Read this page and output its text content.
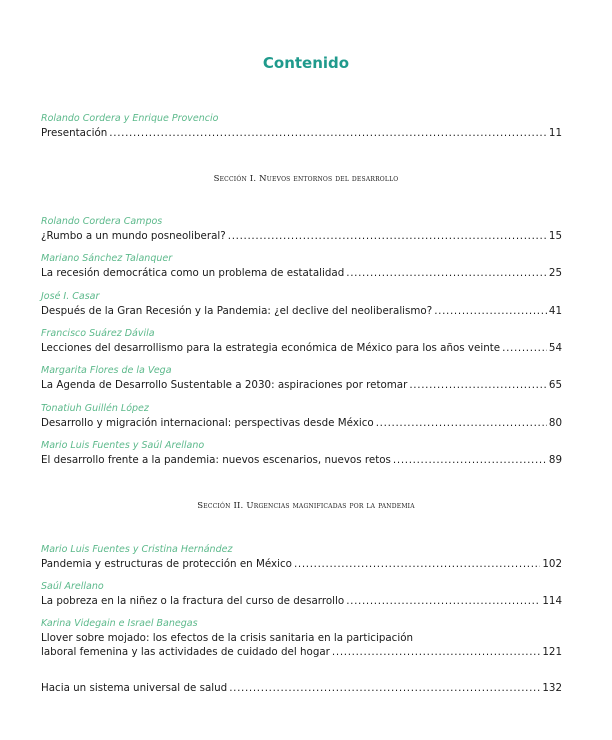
Contenido
Rolando Cordera y Enrique Provencio
Presentación . . .	11
Sección I. Nuevos entornos del desarrollo
Rolando Cordera Campos
¿Rumbo a un mundo posneoliberal? . . .	15
Mariano Sánchez Talanquer
La recesión democrática como un problema de estatalidad . . .	25
José I. Casar
Después de la Gran Recesión y la Pandemia: ¿el declive del neoliberalismo? . . .	41
Francisco Suárez Dávila
Lecciones del desarrollismo para la estrategia económica de México para los años veinte . . .	54
Margarita Flores de la Vega
La Agenda de Desarrollo Sustentable a 2030: aspiraciones por retomar . . .	65
Tonatiuh Guillén López
Desarrollo y migración internacional: perspectivas desde México . . .	80
Mario Luis Fuentes y Saúl Arellano
El desarrollo frente a la pandemia: nuevos escenarios, nuevos retos . . .	89
Sección II. Urgencias magnificadas por la pandemia
Mario Luis Fuentes y Cristina Hernández
Pandemia y estructuras de protección en México . . .	102
Saúl Arellano
La pobreza en la niñez o la fractura del curso de desarrollo . . .	114
Karina Videgain e Israel Banegas
Llover sobre mojado: los efectos de la crisis sanitaria en la participación
laboral femenina y las actividades de cuidado del hogar . . .	121
Hacia un sistema universal de salud . . .	132
